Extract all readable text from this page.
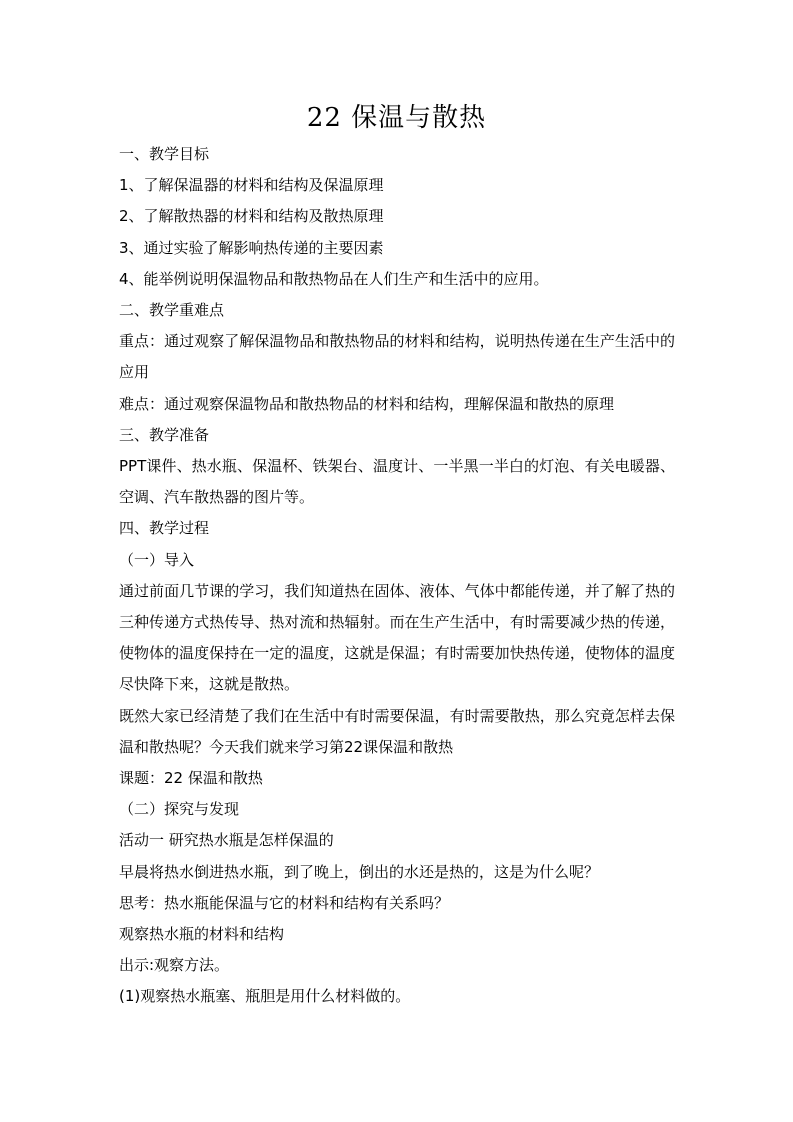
22 保温与散热

一、教学目标

1、了解保温器的材料和结构及保温原理

2、了解散热器的材料和结构及散热原理

3、通过实验了解影响热传递的主要因素

4、能举例说明保温物品和散热物品在人们生产和生活中的应用。

二、教学重难点

重点：通过观察了解保温物品和散热物品的材料和结构，说明热传递在生产生活中的应用

难点：通过观察保温物品和散热物品的材料和结构，理解保温和散热的原理

三、教学准备

PPT课件、热水瓶、保温杯、铁架台、温度计、一半黑一半白的灯泡、有关电暖器、空调、汽车散热器的图片等。

四、教学过程

（一）导入

通过前面几节课的学习，我们知道热在固体、液体、气体中都能传递，并了解了热的三种传递方式热传导、热对流和热辐射。而在生产生活中，有时需要减少热的传递，使物体的温度保持在一定的温度，这就是保温；有时需要加快热传递，使物体的温度尽快降下来，这就是散热。

既然大家已经清楚了我们在生活中有时需要保温，有时需要散热，那么究竟怎样去保温和散热呢？今天我们就来学习第22课保温和散热

课题：22 保温和散热

（二）探究与发现

活动一 研究热水瓶是怎样保温的

早晨将热水倒进热水瓶，到了晚上，倒出的水还是热的，这是为什么呢？

思考：热水瓶能保温与它的材料和结构有关系吗？

观察热水瓶的材料和结构

出示:观察方法。

(1)观察热水瓶塞、瓶胆是用什么材料做的。
